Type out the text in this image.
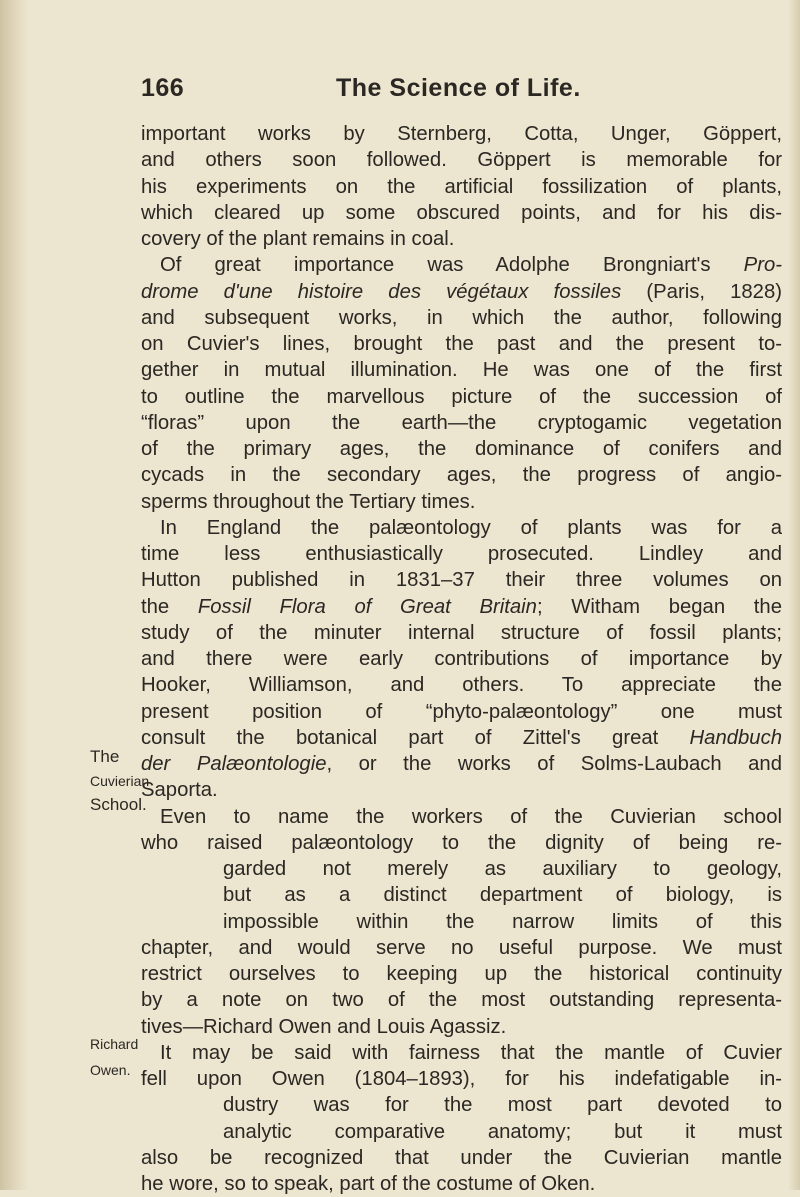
166	The Science of Life.
important works by Sternberg, Cotta, Unger, Göppert,
and others soon followed. Göppert is memorable for
his experiments on the artificial fossilization of plants,
which cleared up some obscured points, and for his dis-
covery of the plant remains in coal.
Of great importance was Adolphe Brongniart's Pro-
drome d'une histoire des végétaux fossiles (Paris, 1828)
and subsequent works, in which the author, following
on Cuvier's lines, brought the past and the present to-
gether in mutual illumination. He was one of the first
to outline the marvellous picture of the succession of
“floras” upon the earth—the cryptogamic vegetation
of the primary ages, the dominance of conifers and
cycads in the secondary ages, the progress of angio-
sperms throughout the Tertiary times.
In England the palæontology of plants was for a
time less enthusiastically prosecuted. Lindley and
Hutton published in 1831–37 their three volumes on
the Fossil Flora of Great Britain; Witham began the
study of the minuter internal structure of fossil plants;
and there were early contributions of importance by
Hooker, Williamson, and others. To appreciate the
present position of “phyto-palæontology” one must
consult the botanical part of Zittel's great Handbuch
der Palæontologie, or the works of Solms-Laubach and
Saporta.
Even to name the workers of the Cuvierian school
who raised palæontology to the dignity of being re-
garded not merely as auxiliary to geology,
but as a distinct department of biology, is
impossible within the narrow limits of this
chapter, and would serve no useful purpose. We must
restrict ourselves to keeping up the historical continuity
by a note on two of the most outstanding representa-
tives—Richard Owen and Louis Agassiz.
It may be said with fairness that the mantle of Cuvier
fell upon Owen (1804–1893), for his indefatigable in-
dustry was for the most part devoted to
analytic comparative anatomy; but it must
also be recognized that under the Cuvierian mantle
he wore, so to speak, part of the costume of Oken.
The
Cuvierian
School.
Richard
Owen.
